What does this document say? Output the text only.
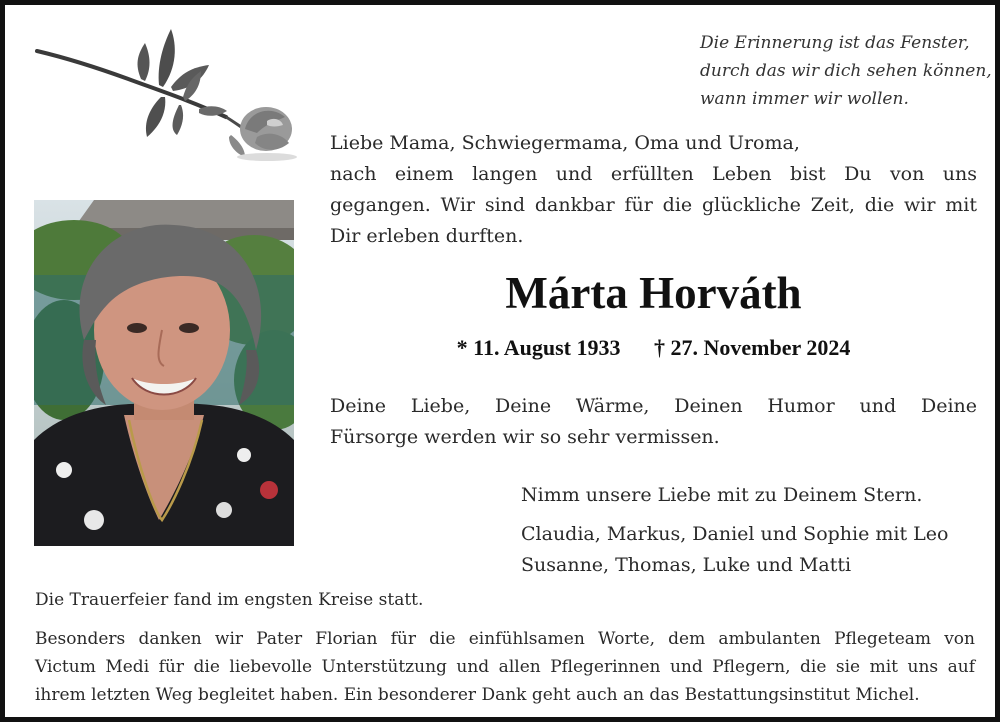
Die Erinnerung ist das Fenster,
durch das wir dich sehen können,
wann immer wir wollen.
Liebe Mama, Schwiegermama, Oma und Uroma,
nach einem langen und erfüllten Leben bist Du von uns
gegangen. Wir sind dankbar für die glückliche Zeit, die wir mit
Dir erleben durften.
Márta Horváth
* 11. August 1933 † 27. November 2024
Deine Liebe, Deine Wärme, Deinen Humor und Deine
Fürsorge werden wir so sehr vermissen.
Nimm unsere Liebe mit zu Deinem Stern.
Claudia, Markus, Daniel und Sophie mit Leo
Susanne, Thomas, Luke und Matti
Die Trauerfeier fand im engsten Kreise statt.
Besonders danken wir Pater Florian für die einfühlsamen Worte, dem ambulanten Pflegeteam von
Victum Medi für die liebevolle Unterstützung und allen Pflegerinnen und Pflegern, die sie mit uns auf
ihrem letzten Weg begleitet haben. Ein besonderer Dank geht auch an das Bestattungsinstitut Michel.
